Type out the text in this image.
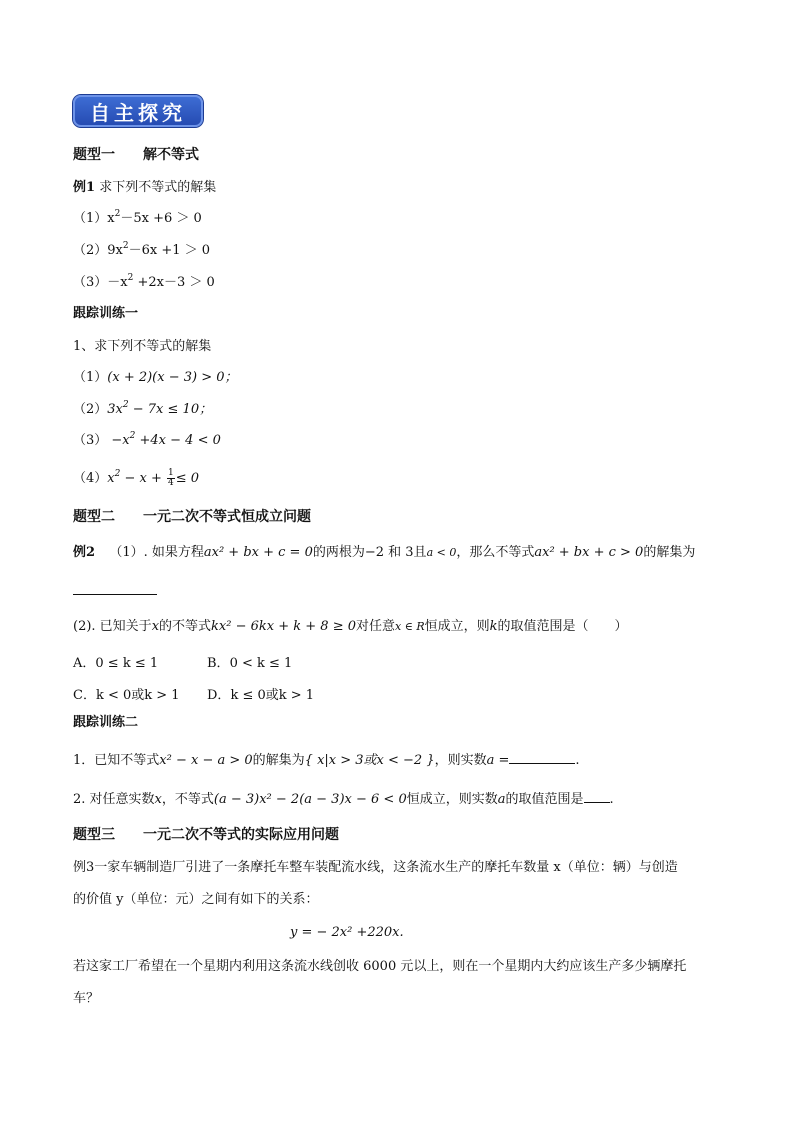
自主探究
题型一　　解不等式
例1 求下列不等式的解集
$(1)x^2-5x +6 > 0$
$(2)9x^2-6x +1 > 0$
$(3)-x^2 +2x-3 > 0$
跟踪训练一
1、求下列不等式的解集
（1）(x + 2)(x − 3) > 0；
$(2)3x^2 - 7x \le 10$；
$(3) -x^2 +4x - 4 < 0$
$(4)x^2 - x + \frac{1}{4} \le 0$
题型二　　一元二次不等式恒成立问题
例2 （1）. 如果方程ax² + bx + c = 0的两根为−2 和 3且a < 0，那么不等式ax² + bx + c > 0的解集为
(2). 已知关于x的不等式kx² − 6kx + k + 8 ≥ 0对任意x ∈ R恒成立，则k的取值范围是（　　）
A．0 ≤ k ≤ 1	B．0 < k ≤ 1
C．k < 0或k > 1 D．k ≤ 0或k > 1
跟踪训练二
1．已知不等式x² − x − a > 0的解集为{ x|x > 3或x < −2 }，则实数a =	.
2. 对任意实数x，不等式(a − 3)x² − 2(a − 3)x − 6 < 0恒成立，则实数a的取值范围是 .
题型三　　一元二次不等式的实际应用问题
例3一家车辆制造厂引进了一条摩托车整车装配流水线，这条流水生产的摩托车数量 x（单位：辆）与创造
的价值 y（单位：元）之间有如下的关系：
y = − 2x² +220x.
若这家工厂希望在一个星期内利用这条流水线创收 6000 元以上，则在一个星期内大约应该生产多少辆摩托
车？
